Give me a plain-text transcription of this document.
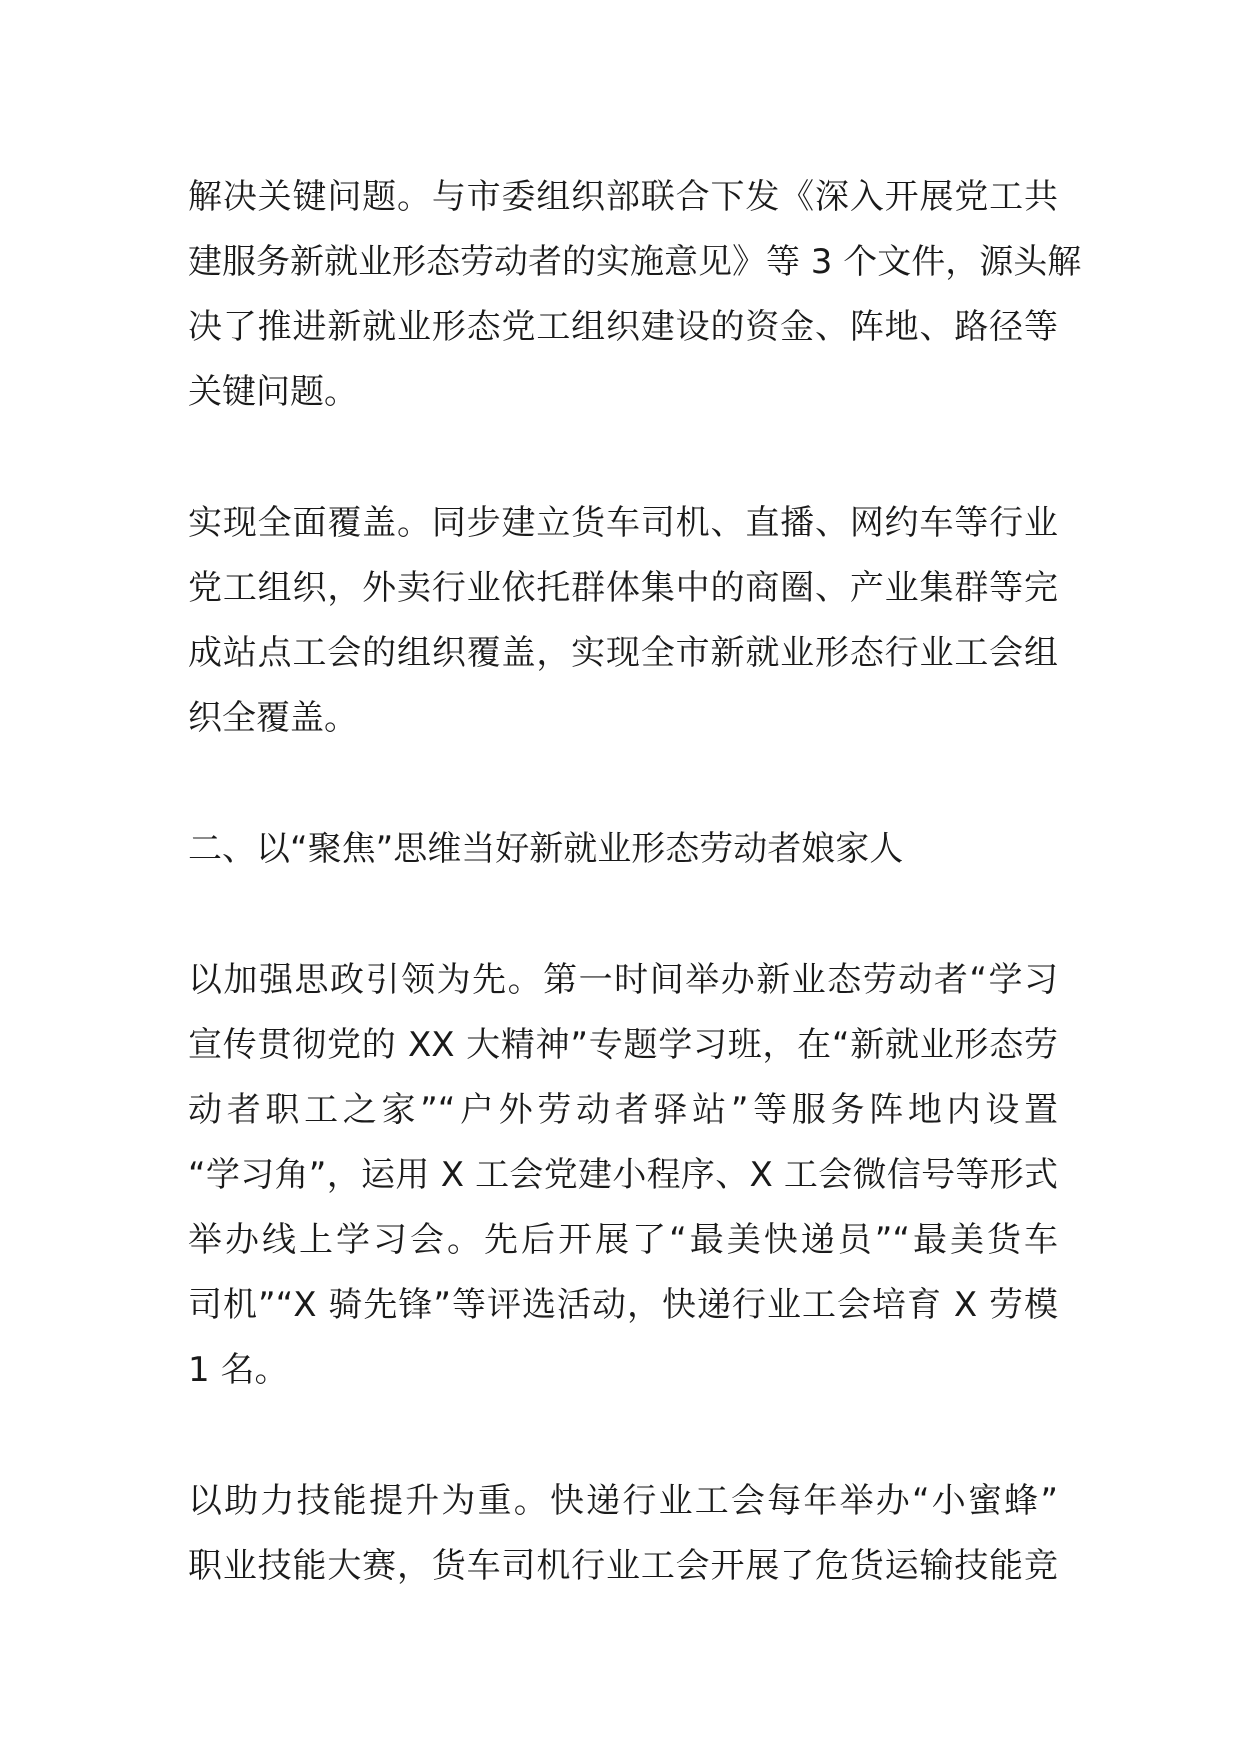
解决关键问题。与市委组织部联合下发《深入开展党工共
建服务新就业形态劳动者的实施意见》等 3 个文件，源头解
决了推进新就业形态党工组织建设的资金、阵地、路径等
关键问题。
实现全面覆盖。同步建立货车司机、直播、网约车等行业
党工组织，外卖行业依托群体集中的商圈、产业集群等完
成站点工会的组织覆盖，实现全市新就业形态行业工会组
织全覆盖。
二、以“聚焦”思维当好新就业形态劳动者娘家人
以加强思政引领为先。第一时间举办新业态劳动者“学习
宣传贯彻党的 XX 大精神”专题学习班，在“新就业形态劳
动者职工之家”“户外劳动者驿站”等服务阵地内设置
“学习角”，运用 X 工会党建小程序、X 工会微信号等形式
举办线上学习会。先后开展了“最美快递员”“最美货车
司机”“X 骑先锋”等评选活动，快递行业工会培育 X 劳模
1 名。
以助力技能提升为重。快递行业工会每年举办“小蜜蜂”
职业技能大赛，货车司机行业工会开展了危货运输技能竞
